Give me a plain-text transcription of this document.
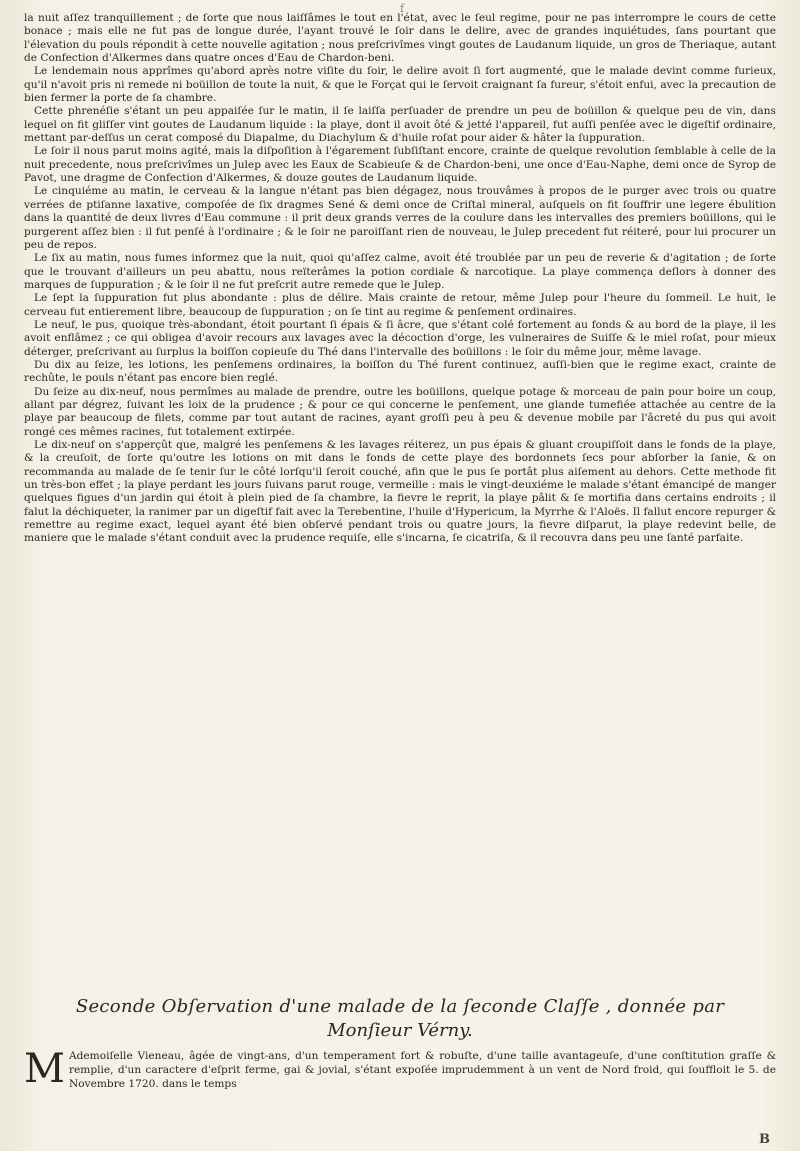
f

la nuit aſſez tranquillement ; de ſorte que nous laiſſâmes le tout en l'état, avec le ſeul regime, pour ne pas interrompre le cours de cette bonace ; mais elle ne fut pas de longue durée, l'ayant trouvé le ſoir dans le delire, avec de grandes inquiétudes, ſans pourtant que l'élevation du pouls répondit à cette nouvelle agitation ; nous preſcrivîmes vingt goutes de Laudanum liquide, un gros de Theriaque, autant de Confection d'Alkermes dans quatre onces d'Eau de Chardon-beni.

Le lendemain nous apprîmes qu'abord après notre viſite du ſoir, le delire avoit ſi fort augmenté, que le malade devint comme furieux, qu'il n'avoit pris ni remede ni boüillon de toute la nuit, & que le Forçat qui le ſervoit craignant ſa fureur, s'étoit enfui, avec la precaution de bien fermer la porte de ſa chambre.

Cette phrenéſie s'étant un peu appaiſée ſur le matin, il ſe laiſſa perſuader de prendre un peu de boüillon & quelque peu de vin, dans lequel on fit gliſſer vint goutes de Laudanum liquide : la playe, dont il avoit ôté & jetté l'appareil, fut auſſi penſée avec le digeſtif ordinaire, mettant par-deſſus un cerat composé du Diapalme, du Diachylum & d'huile roſat pour aider & hâter la ſuppuration.

Le ſoir il nous parut moins agité, mais la diſpoſition à l'égarement ſubſiſtant encore, crainte de quelque revolution ſemblable à celle de la nuit precedente, nous preſcrivîmes un Julep avec les Eaux de Scabieuſe & de Chardon-beni, une once d'Eau-Naphe, demi once de Syrop de Pavot, une dragme de Confection d'Alkermes, & douze goutes de Laudanum liquide.

Le cinquiéme au matin, le cerveau & la langue n'étant pas bien dégagez, nous trouvâmes à propos de le purger avec trois ou quatre verrées de ptiſanne laxative, compoſée de ſix dragmes Sené & demi once de Criſtal mineral, auſquels on fit ſouffrir une legere ébulition dans la quantité de deux livres d'Eau commune : il prit deux grands verres de la coulure dans les intervalles des premiers boüillons, qui le purgerent aſſez bien : il fut penſé à l'ordinaire ; & le ſoir ne paroiſſant rien de nouveau, le Julep precedent fut réiteré, pour lui procurer un peu de repos.

Le ſix au matin, nous fumes informez que la nuit, quoi qu'aſſez calme, avoit été troublée par un peu de reverie & d'agitation ; de ſorte que le trouvant d'ailleurs un peu abattu, nous reïterâmes la potion cordiale & narcotique. La playe commença deſlors à donner des marques de ſuppuration ; & le ſoir il ne fut preſcrit autre remede que le Julep.

Le ſept la ſuppuration fut plus abondante : plus de délire. Mais crainte de retour, même Julep pour l'heure du ſommeil. Le huit, le cerveau fut entierement libre, beaucoup de ſuppuration ; on ſe tint au regime & penſement ordinaires.

Le neuf, le pus, quoique très-abondant, étoit pourtant ſi épais & ſi âcre, que s'étant colé fortement au fonds & au bord de la playe, il les avoit enflâmez ; ce qui obligea d'avoir recours aux lavages avec la décoction d'orge, les vulneraires de Suiſſe & le miel roſat, pour mieux déterger, preſcrivant au ſurplus la boiſſon copieuſe du Thé dans l'intervalle des boüillons : le ſoir du même jour, même lavage.

Du dix au ſeize, les lotions, les penſemens ordinaires, la boiſſon du Thé furent continuez, auſſi-bien que le regime exact, crainte de rechûte, le pouls n'étant pas encore bien reglé.

Du ſeize au dix-neuf, nous permîmes au malade de prendre, outre les boüillons, quelque potage & morceau de pain pour boire un coup, allant par dégrez, ſuivant les loix de la prudence ; & pour ce qui concerne le penſement, une glande tumefiée attachée au centre de la playe par beaucoup de filets, comme par tout autant de racines, ayant groſſi peu à peu & devenue mobile par l'âcreté du pus qui avoit rongé ces mêmes racines, fut totalement extirpée.

Le dix-neuf on s'apperçût que, malgré les penſemens & les lavages réiterez, un pus épais & gluant croupiſſoit dans le fonds de la playe, & la creuſoit, de ſorte qu'outre les lotions on mit dans le fonds de cette playe des bordonnets ſecs pour abſorber la ſanie, & on recommanda au malade de ſe tenir ſur le côté lorſqu'il ſeroit couché, afin que le pus ſe portât plus aiſement au dehors. Cette methode fit un très-bon effet ; la playe perdant les jours ſuivans parut rouge, vermeille : mais le vingt-deuxiéme le malade s'étant émancipé de manger quelques figues d'un jardin qui étoit à plein pied de ſa chambre, la fievre le reprit, la playe pâlit & ſe mortifia dans certains endroits ; il falut la déchiqueter, la ranimer par un digeſtif fait avec la Terebentine, l'huile d'Hypericum, la Myrrhe & l'Aloës. Il fallut encore repurger & remettre au regime exact, lequel ayant été bien obſervé pendant trois ou quatre jours, la fievre diſparut, la playe redevint belle, de maniere que le malade s'étant conduit avec la prudence requiſe, elle s'incarna, ſe cicatriſa, & il recouvra dans peu une ſanté parfaite.

Seconde Obſervation d'une malade de la ſeconde Claſſe , donnée par
Monſieur Vérny.
M Ademoiſelle Vieneau, âgée de vingt-ans, d'un temperament fort & robuſte, d'une taille avantageuſe, d'une conſtitution graſſe & remplie, d'un caractere d'eſprit ferme, gai & jovial, s'étant expoſée imprudemment à un vent de Nord froid, qui ſouffloit le 5. de Novembre 1720. dans le temps
B
